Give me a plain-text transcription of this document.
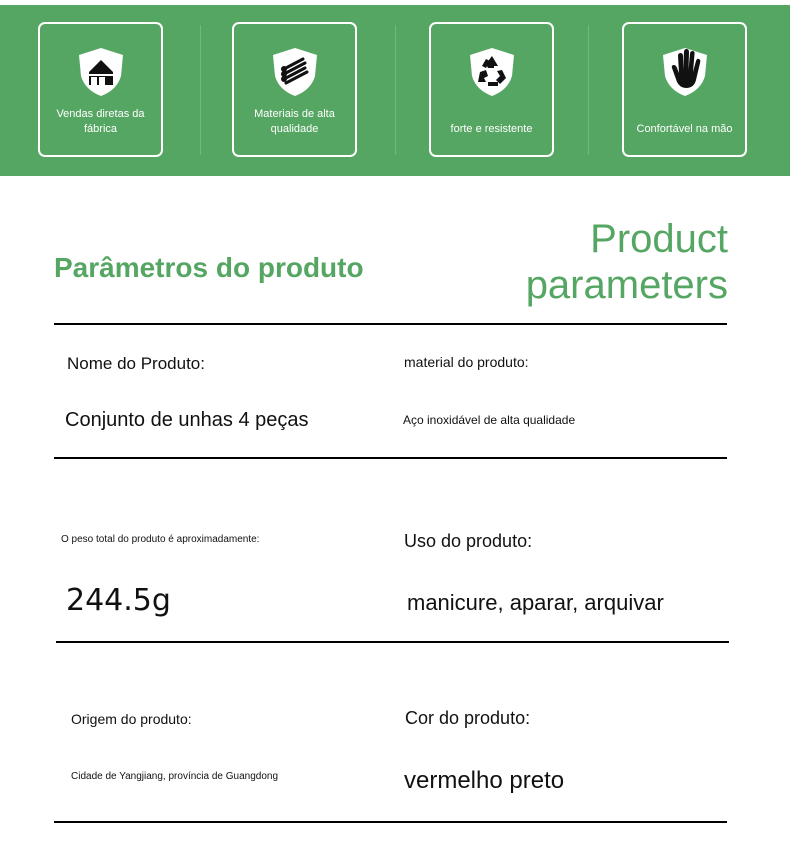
Vendas diretas da fábrica
Materiais de alta qualidade	forte e resistente	Confortável na mão
Parâmetros do produto
Product
parameters
Nome do Produto:
Conjunto de unhas 4 peças
material do produto:
Aço inoxidável de alta qualidade
O peso total do produto é aproximadamente:
244.5g
Uso do produto:
manicure, aparar, arquivar
Origem do produto:
Cidade de Yangjiang, província de Guangdong
Cor do produto:
vermelho preto
